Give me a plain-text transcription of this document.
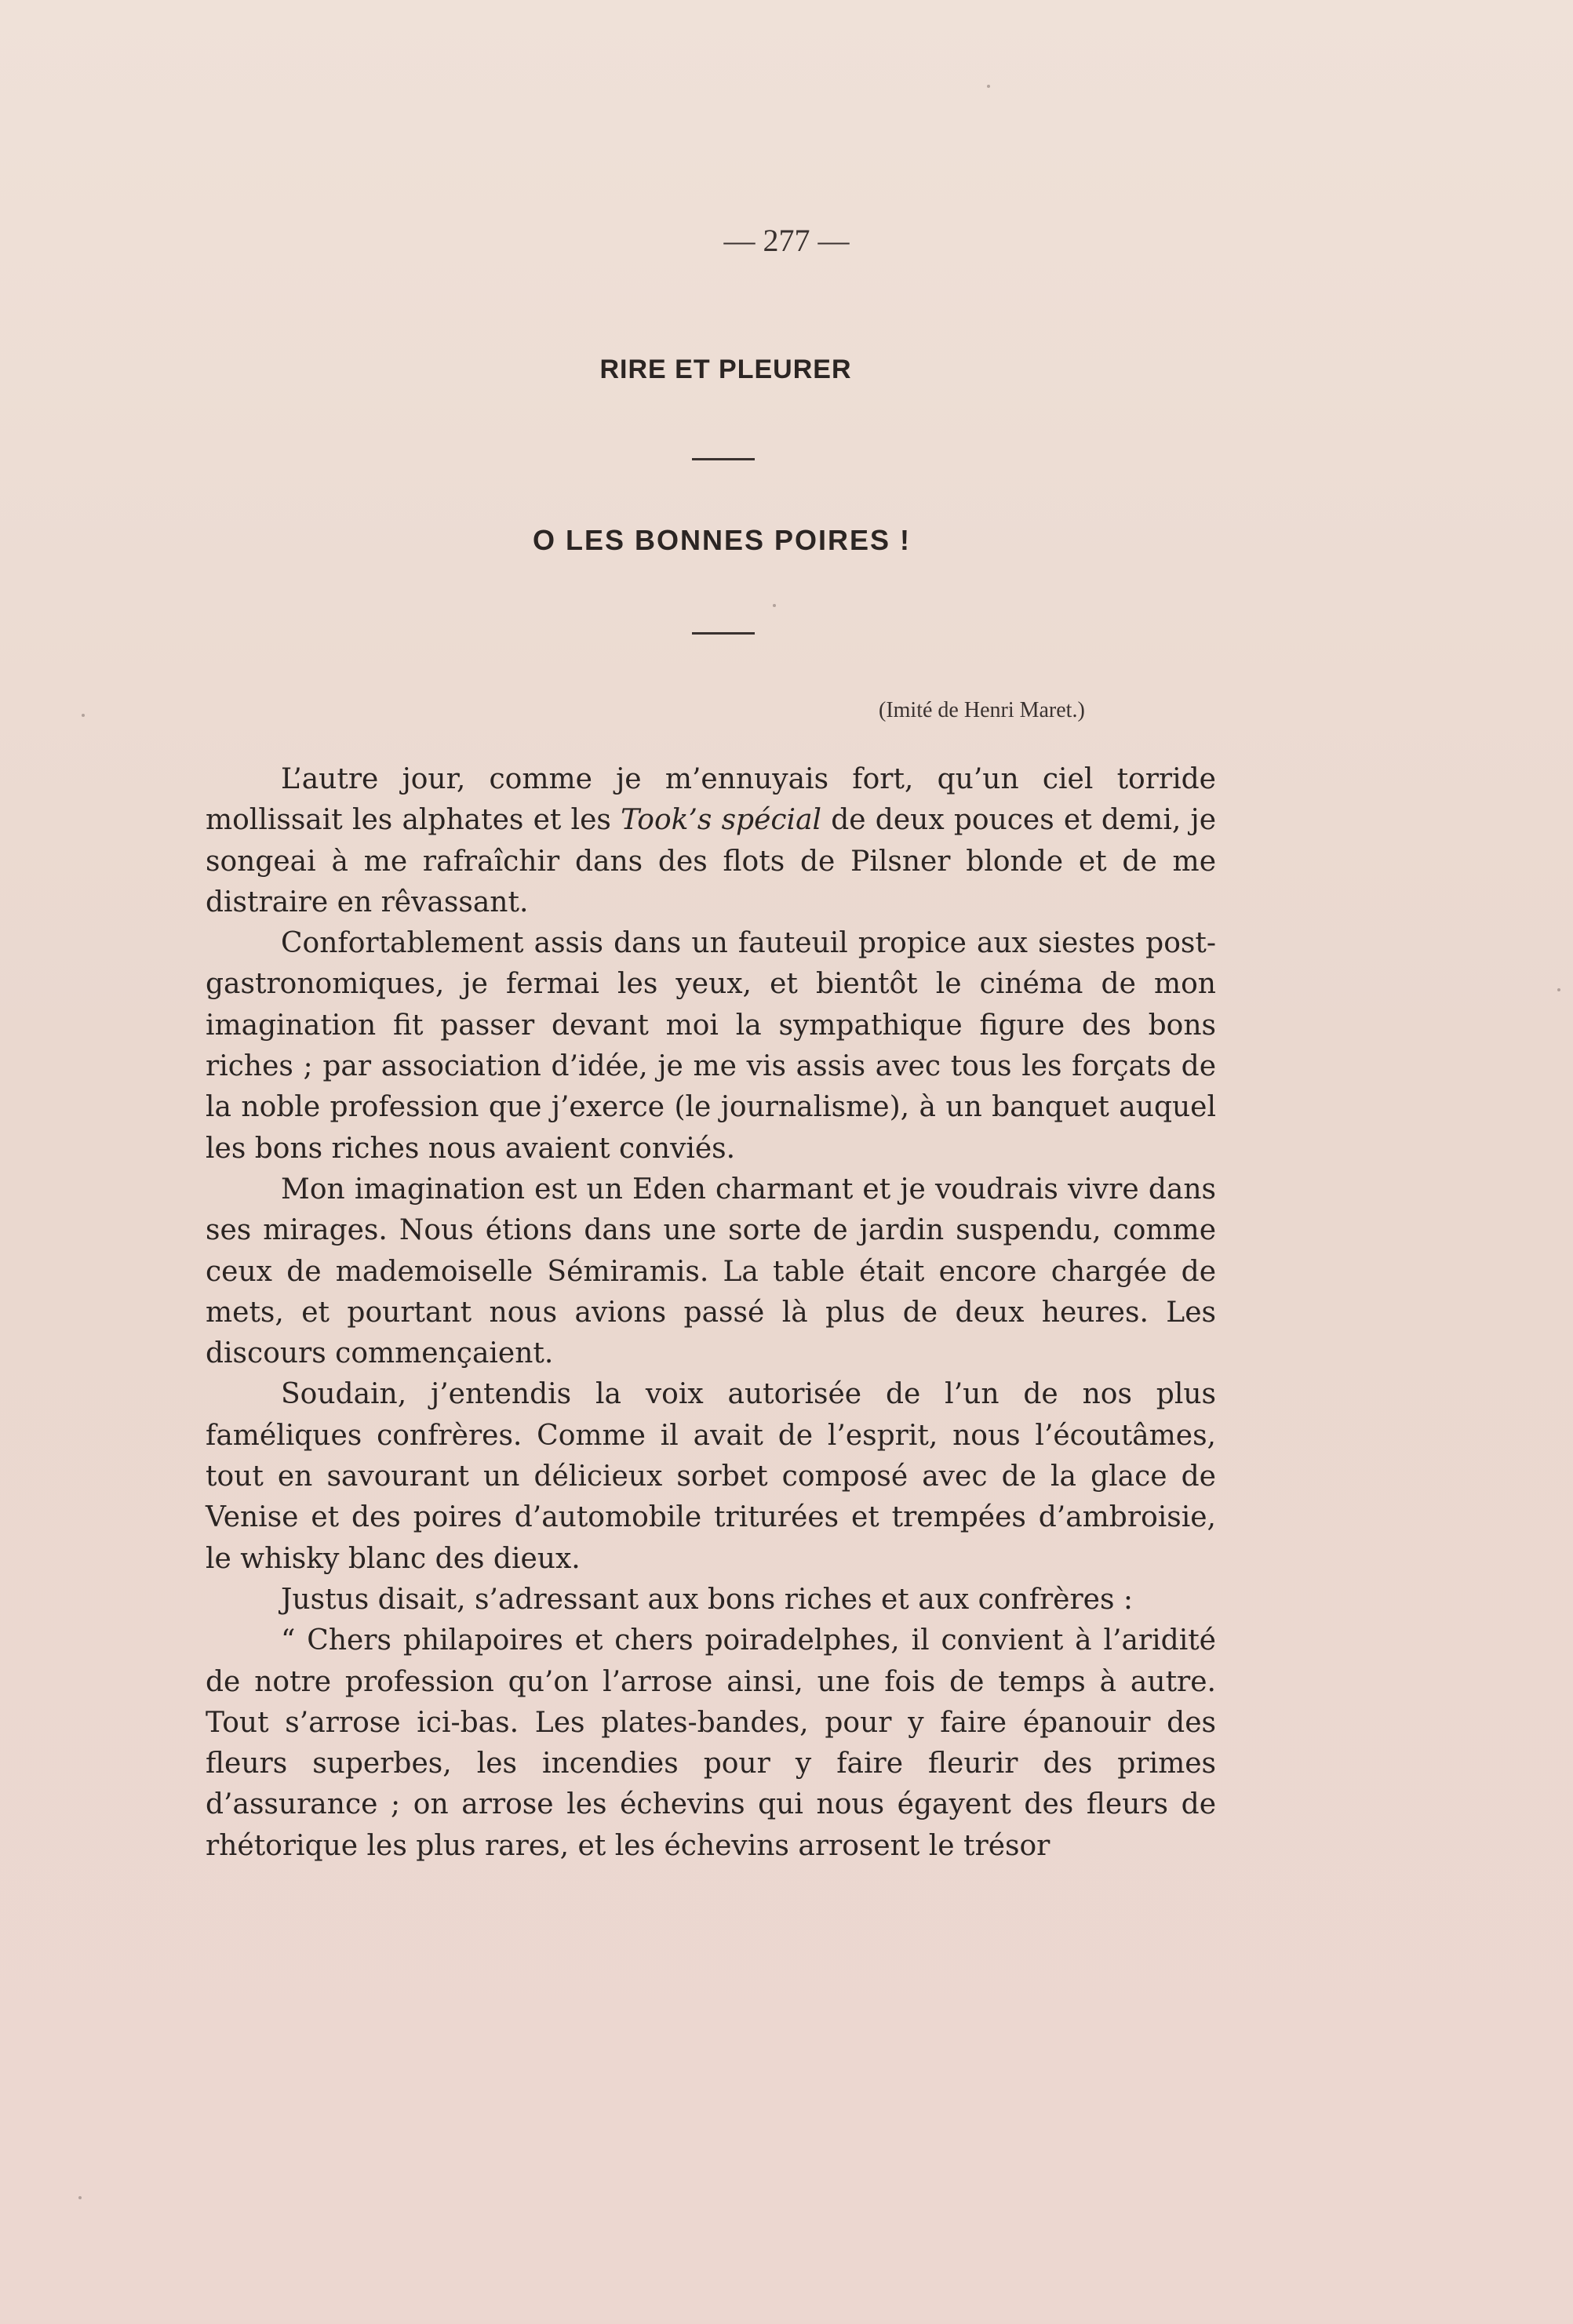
— 277 —
RIRE ET PLEURER
O LES BONNES POIRES !
(Imité de Henri Maret.)

L’autre jour, comme je m’ennuyais fort, qu’un ciel torride mollissait les alphates et les Took’s spécial de deux pouces et demi, je songeai à me rafraîchir dans des flots de Pilsner blonde et de me distraire en rêvassant.

Confortablement assis dans un fauteuil propice aux siestes post-gastronomiques, je fermai les yeux, et bientôt le cinéma de mon imagination fit passer devant moi la sympathique figure des bons riches ; par association d’idée, je me vis assis avec tous les forçats de la noble profession que j’exerce (le journalisme), à un banquet auquel les bons riches nous avaient conviés.

Mon imagination est un Eden charmant et je voudrais vivre dans ses mirages. Nous étions dans une sorte de jardin suspendu, comme ceux de mademoiselle Sémiramis. La table était encore chargée de mets, et pourtant nous avions passé là plus de deux heures. Les discours commençaient.

Soudain, j’entendis la voix autorisée de l’un de nos plus faméliques confrères. Comme il avait de l’esprit, nous l’écoutâmes, tout en savourant un délicieux sorbet composé avec de la glace de Venise et des poires d’automobile triturées et trempées d’ambroisie, le whisky blanc des dieux.

Justus disait, s’adressant aux bons riches et aux confrères :

“ Chers philapoires et chers poiradelphes, il convient à l’aridité de notre profession qu’on l’arrose ainsi, une fois de temps à autre. Tout s’arrose ici-bas. Les plates-bandes, pour y faire épanouir des fleurs superbes, les incendies pour y faire fleurir des primes d’assurance ; on arrose les échevins qui nous égayent des fleurs de rhétorique les plus rares, et les échevins arrosent le trésor
